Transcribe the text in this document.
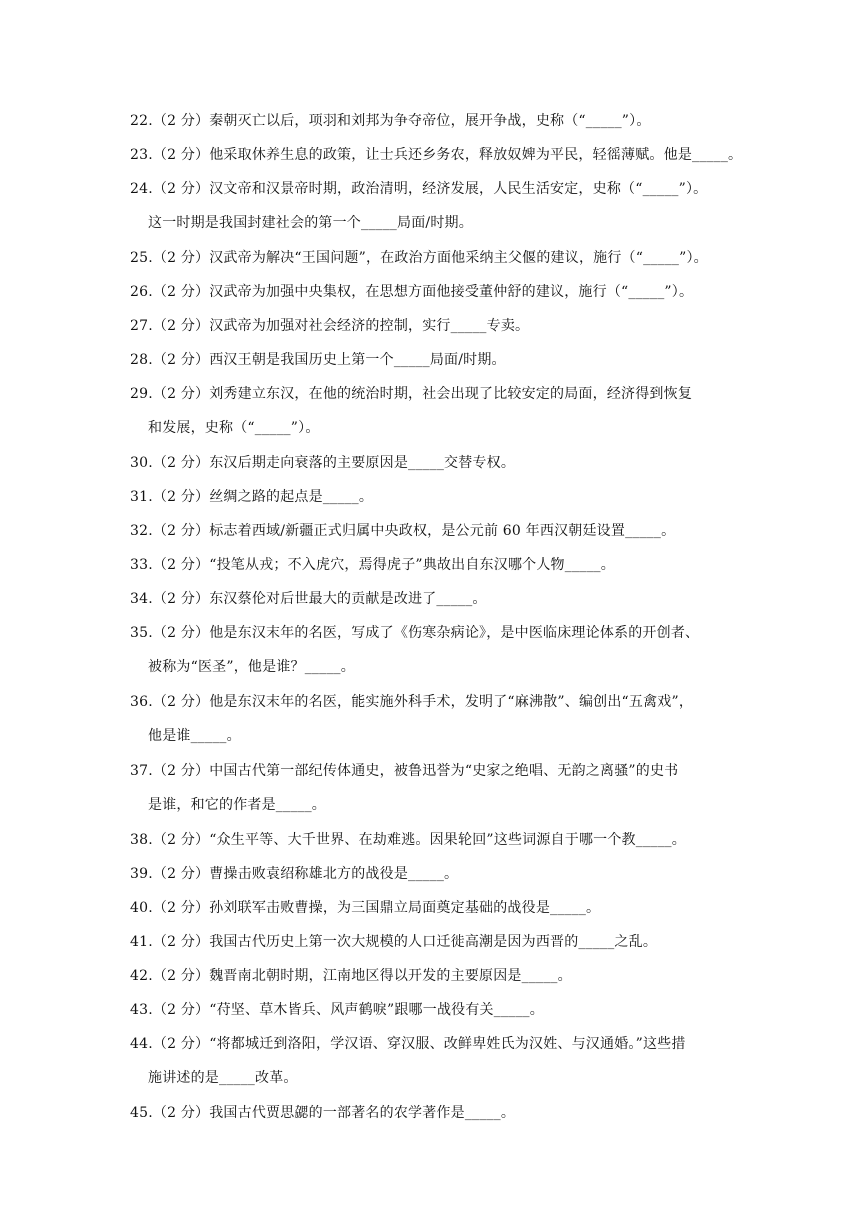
22.（2 分）秦朝灭亡以后，项羽和刘邦为争夺帝位，展开争战，史称（“_____”）。
23.（2 分）他采取休养生息的政策，让士兵还乡务农，释放奴婢为平民，轻徭薄赋。他是_____。
24.（2 分）汉文帝和汉景帝时期，政治清明，经济发展，人民生活安定，史称（“_____”）。
这一时期是我国封建社会的第一个_____局面/时期。
25.（2 分）汉武帝为解决“王国问题”，在政治方面他采纳主父偃的建议，施行（“_____”）。
26.（2 分）汉武帝为加强中央集权，在思想方面他接受董仲舒的建议，施行（“_____”）。
27.（2 分）汉武帝为加强对社会经济的控制，实行_____专卖。
28.（2 分）西汉王朝是我国历史上第一个_____局面/时期。
29.（2 分）刘秀建立东汉，在他的统治时期，社会出现了比较安定的局面，经济得到恢复
和发展，史称（“_____”）。
30.（2 分）东汉后期走向衰落的主要原因是_____交替专权。
31.（2 分）丝绸之路的起点是_____。
32.（2 分）标志着西域/新疆正式归属中央政权，是公元前 60 年西汉朝廷设置_____。
33.（2 分）“投笔从戎；不入虎穴，焉得虎子”典故出自东汉哪个人物_____。
34.（2 分）东汉蔡伦对后世最大的贡献是改进了_____。
35.（2 分）他是东汉末年的名医，写成了《伤寒杂病论》，是中医临床理论体系的开创者、
被称为“医圣”，他是谁？_____。
36.（2 分）他是东汉末年的名医，能实施外科手术，发明了“麻沸散”、编创出“五禽戏”，
他是谁_____。
37.（2 分）中国古代第一部纪传体通史，被鲁迅誉为“史家之绝唱、无韵之离骚”的史书
是谁，和它的作者是_____。
38.（2 分）“众生平等、大千世界、在劫难逃。因果轮回”这些词源自于哪一个教_____。
39.（2 分）曹操击败袁绍称雄北方的战役是_____。
40.（2 分）孙刘联军击败曹操，为三国鼎立局面奠定基础的战役是_____。
41.（2 分）我国古代历史上第一次大规模的人口迁徙高潮是因为西晋的_____之乱。
42.（2 分）魏晋南北朝时期，江南地区得以开发的主要原因是_____。
43.（2 分）“苻坚、草木皆兵、风声鹤唳”跟哪一战役有关_____。
44.（2 分）“将都城迁到洛阳，学汉语、穿汉服、改鲜卑姓氏为汉姓、与汉通婚。”这些措
施讲述的是_____改革。
45.（2 分）我国古代贾思勰的一部著名的农学著作是_____。
